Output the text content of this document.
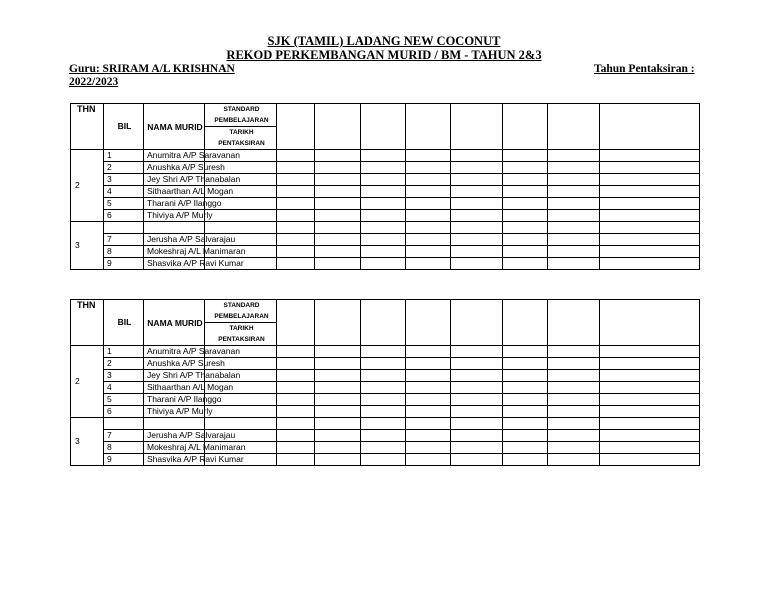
SJK (TAMIL) LADANG NEW COCONUT
REKOD PERKEMBANGAN MURID / BM - TAHUN 2&3
Guru: SRIRAM A/L KRISHNAN	Tahun Pentaksiran :
2022/2023
THN	BIL	NAMA MURID	STANDARD PEMBELAJARAN								

			TARIKH PENTAKSIRAN								

2	1	Anumitra A/P Saravanan									
	2	Anushka A/P Suresh									
	3	Jey Shri A/P Thanabalan									
	4	Sithaarthan A/L Mogan									
	5	Tharani A/P Ilanggo									
	6	Thiviya A/P Murly									
3											
	7	Jerusha A/P Salvarajau									
	8	Mokeshraj A/L Manimaran									
	9	Shasvika A/P Ravi Kumar									
THN	BIL	NAMA MURID	STANDARD PEMBELAJARAN								

			TARIKH PENTAKSIRAN								

2	1	Anumitra A/P Saravanan									
	2	Anushka A/P Suresh									
	3	Jey Shri A/P Thanabalan									
	4	Sithaarthan A/L Mogan									
	5	Tharani A/P Ilanggo									
	6	Thiviya A/P Murly									
3											
	7	Jerusha A/P Salvarajau									
	8	Mokeshraj A/L Manimaran									
	9	Shasvika A/P Ravi Kumar									
